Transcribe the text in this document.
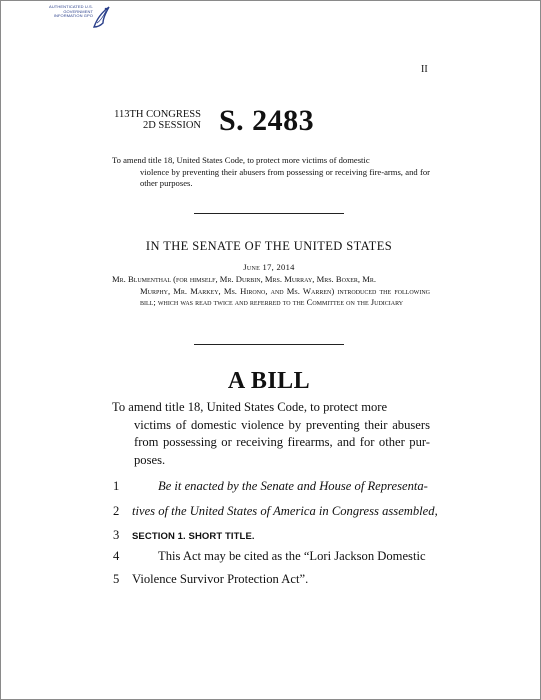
AUTHENTICATED U.S. GOVERNMENT INFORMATION GPO
II
113TH CONGRESS
2D SESSION S. 2483
To amend title 18, United States Code, to protect more victims of domestic
violence by preventing their abusers from possessing or receiving fire-arms, and for other purposes.
IN THE SENATE OF THE UNITED STATES
June 17, 2014
Mr. Blumenthal (for himself, Mr. Durbin, Mrs. Murray, Mrs. Boxer, Mr.
Murphy, Mr. Markey, Ms. Hirono, and Ms. Warren) introduced the following bill; which was read twice and referred to the Committee on the Judiciary
A BILL
To amend title 18, United States Code, to protect more
victims of domestic violence by preventing their abusers from possessing or receiving firearms, and for other pur-poses.
1	Be it enacted by the Senate and House of Representa-
2 tives of the United States of America in Congress assembled,
3 SECTION 1. SHORT TITLE.
4	This Act may be cited as the “Lori Jackson Domestic
5 Violence Survivor Protection Act”.
